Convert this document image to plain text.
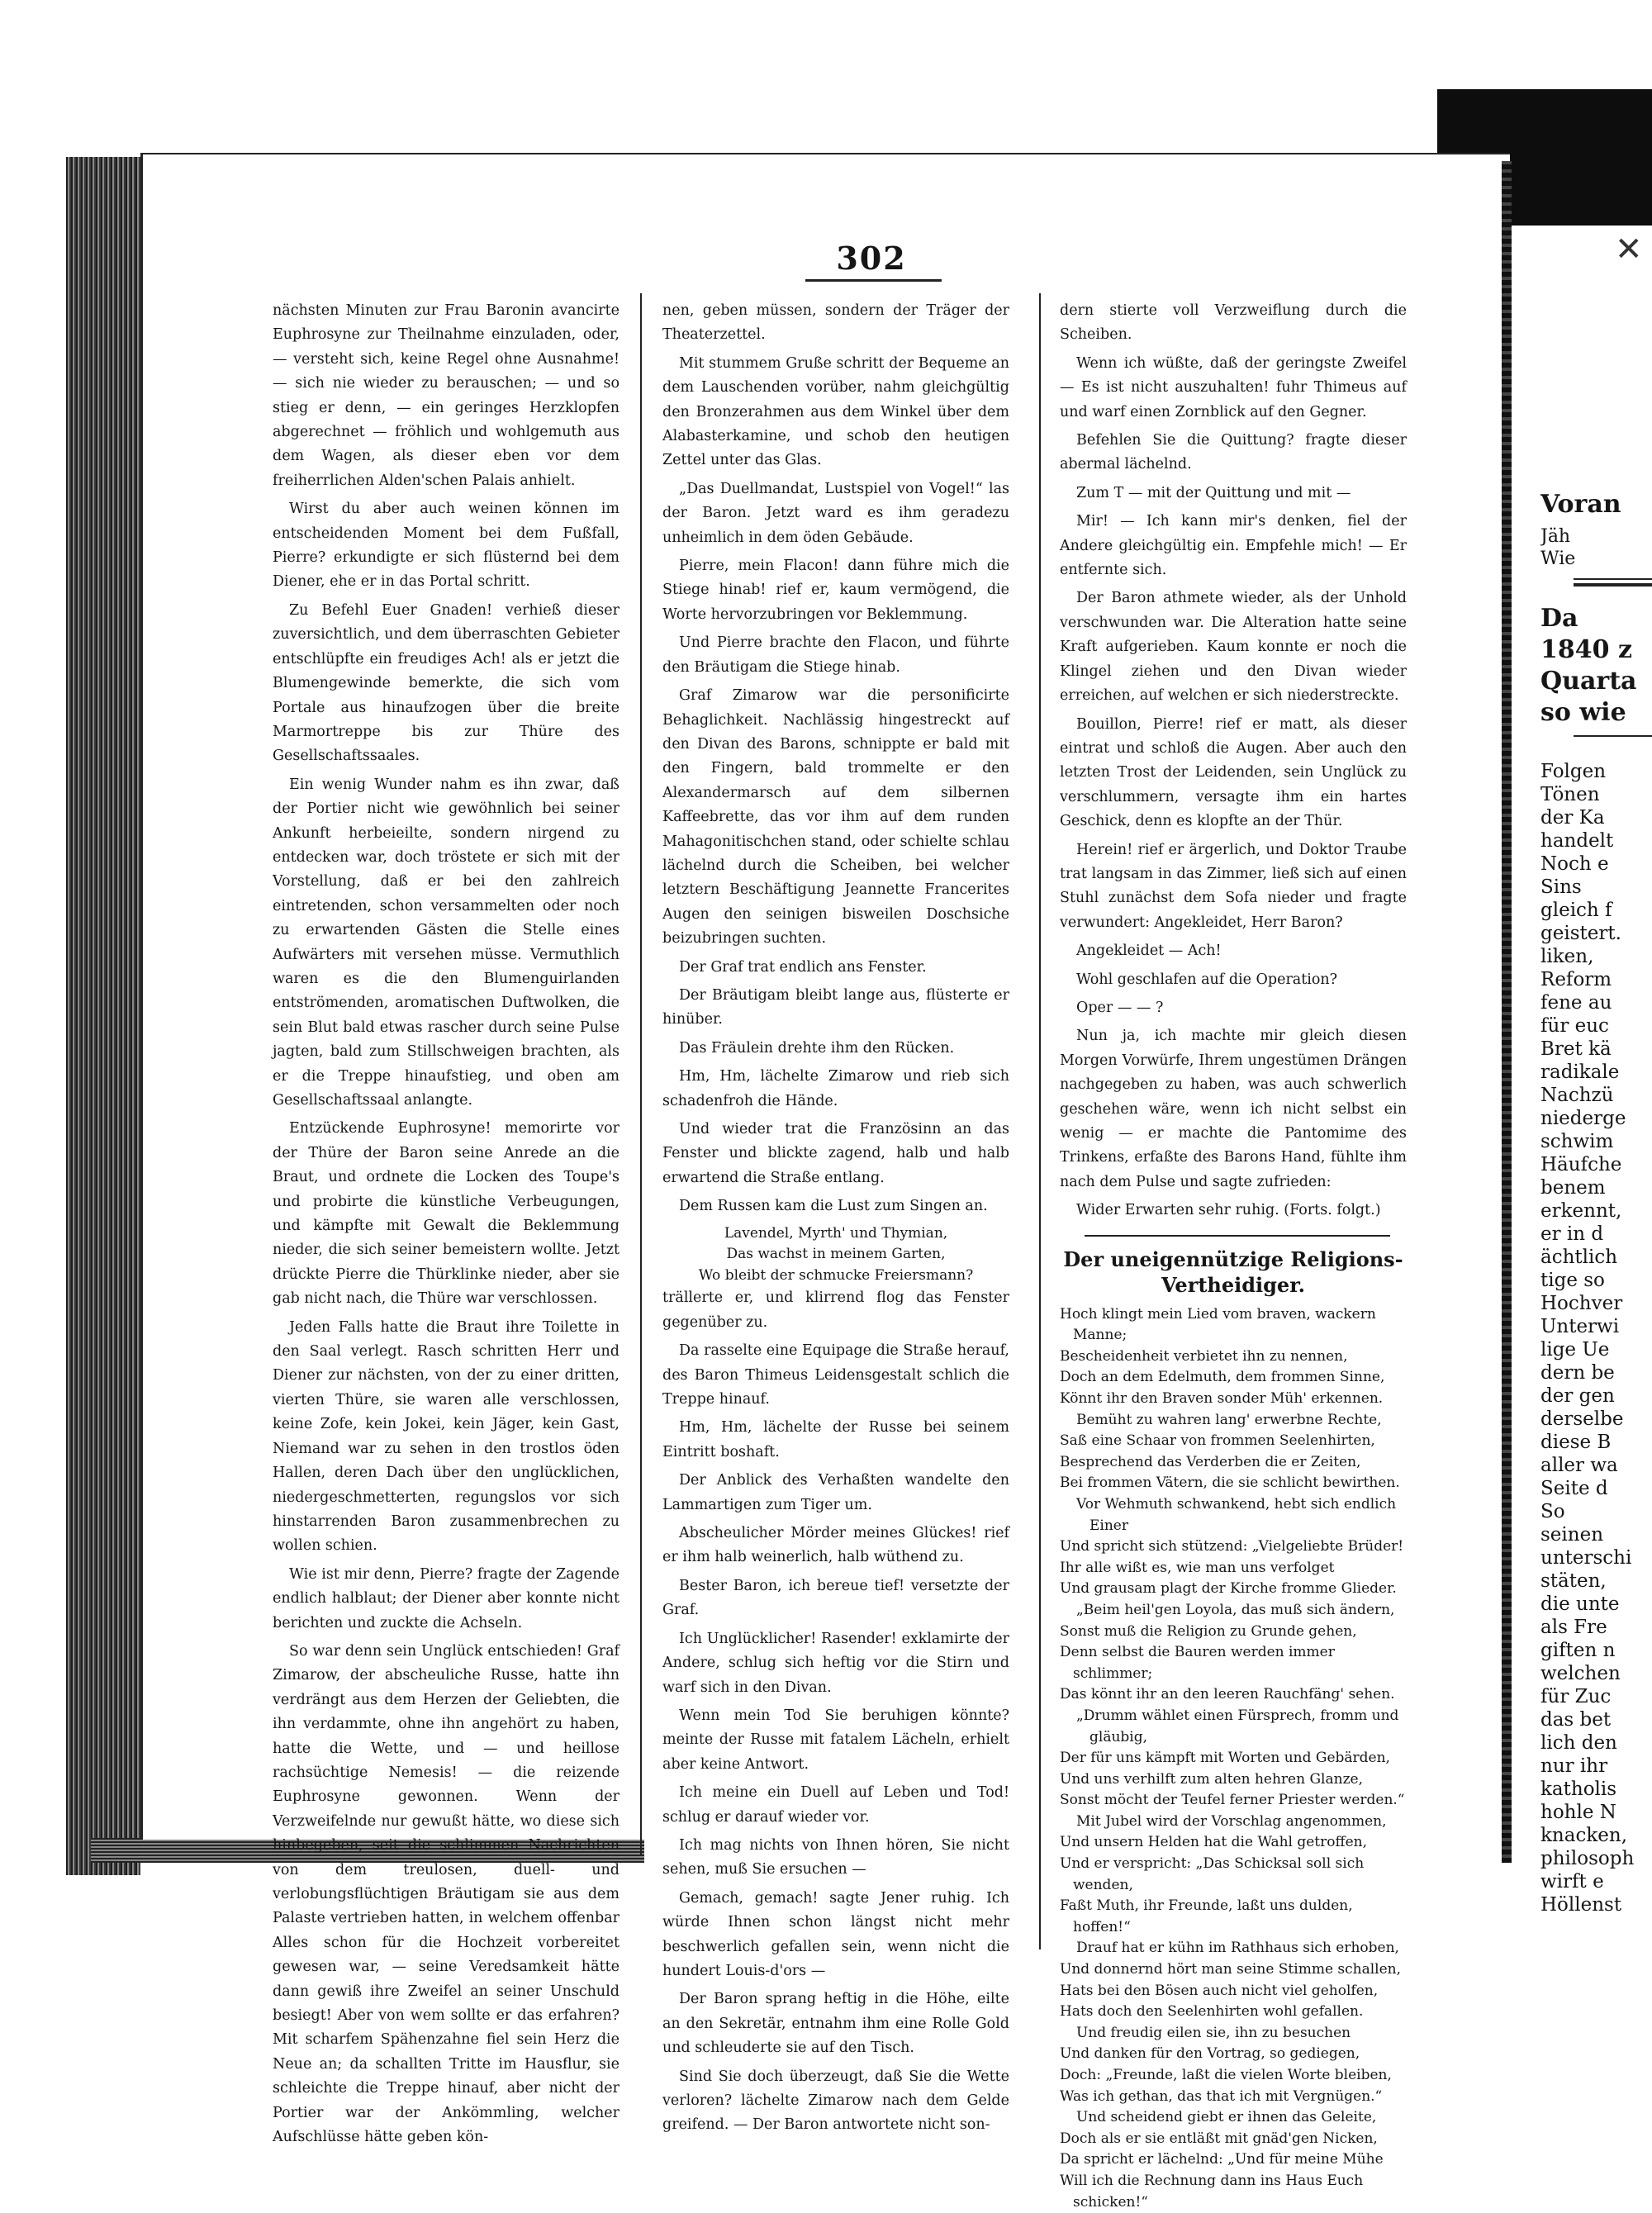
✕
302

nächsten Minuten zur Frau Baronin avancirte Euphrosyne zur Theilnahme einzuladen, oder, — versteht sich, keine Regel ohne Ausnahme! — sich nie wieder zu berauschen; — und so stieg er denn, — ein geringes Herzklopfen abgerechnet — fröhlich und wohlgemuth aus dem Wagen, als dieser eben vor dem freiherrlichen Alden'schen Palais anhielt.

Wirst du aber auch weinen können im entscheidenden Moment bei dem Fußfall, Pierre? erkundigte er sich flüsternd bei dem Diener, ehe er in das Portal schritt.

Zu Befehl Euer Gnaden! verhieß dieser zuversichtlich, und dem überraschten Gebieter entschlüpfte ein freudiges Ach! als er jetzt die Blumengewinde bemerkte, die sich vom Portale aus hinaufzogen über die breite Marmortreppe bis zur Thüre des Gesellschaftssaales.

Ein wenig Wunder nahm es ihn zwar, daß der Portier nicht wie gewöhnlich bei seiner Ankunft herbeieilte, sondern nirgend zu entdecken war, doch tröstete er sich mit der Vorstellung, daß er bei den zahlreich eintretenden, schon versammelten oder noch zu erwartenden Gästen die Stelle eines Aufwärters mit versehen müsse. Vermuthlich waren es die den Blumenguirlanden entströmenden, aromatischen Duftwolken, die sein Blut bald etwas rascher durch seine Pulse jagten, bald zum Stillschweigen brachten, als er die Treppe hinaufstieg, und oben am Gesellschaftssaal anlangte.

Entzückende Euphrosyne! memorirte vor der Thüre der Baron seine Anrede an die Braut, und ordnete die Locken des Toupe's und probirte die künstliche Verbeugungen, und kämpfte mit Gewalt die Beklemmung nieder, die sich seiner bemeistern wollte. Jetzt drückte Pierre die Thürklinke nieder, aber sie gab nicht nach, die Thüre war verschlossen.

Jeden Falls hatte die Braut ihre Toilette in den Saal verlegt. Rasch schritten Herr und Diener zur nächsten, von der zu einer dritten, vierten Thüre, sie waren alle verschlossen, keine Zofe, kein Jokei, kein Jäger, kein Gast, Niemand war zu sehen in den trostlos öden Hallen, deren Dach über den unglücklichen, niedergeschmetterten, regungslos vor sich hinstarrenden Baron zusammenbrechen zu wollen schien.

Wie ist mir denn, Pierre? fragte der Zagende endlich halblaut; der Diener aber konnte nicht berichten und zuckte die Achseln.

So war denn sein Unglück entschieden! Graf Zimarow, der abscheuliche Russe, hatte ihn verdrängt aus dem Herzen der Geliebten, die ihn verdammte, ohne ihn angehört zu haben, hatte die Wette, und — und heillose rachsüchtige Nemesis! — die reizende Euphrosyne gewonnen. Wenn der Verzweifelnde nur gewußt hätte, wo diese sich hinbegeben, seit die schlimmen Nachrichten von dem treulosen, duell- und verlobungsflüchtigen Bräutigam sie aus dem Palaste vertrieben hatten, in welchem offenbar Alles schon für die Hochzeit vorbereitet gewesen war, — seine Veredsamkeit hätte dann gewiß ihre Zweifel an seiner Unschuld besiegt! Aber von wem sollte er das erfahren? Mit scharfem Spähenzahne fiel sein Herz die Neue an; da schallten Tritte im Hausflur, sie schleichte die Treppe hinauf, aber nicht der Portier war der Ankömmling, welcher Aufschlüsse hätte geben kön-

nen, geben müssen, sondern der Träger der Theaterzettel.

Mit stummem Gruße schritt der Bequeme an dem Lauschenden vorüber, nahm gleichgültig den Bronzerahmen aus dem Winkel über dem Alabasterkamine, und schob den heutigen Zettel unter das Glas.

„Das Duellmandat, Lustspiel von Vogel!“ las der Baron. Jetzt ward es ihm geradezu unheimlich in dem öden Gebäude.

Pierre, mein Flacon! dann führe mich die Stiege hinab! rief er, kaum vermögend, die Worte hervorzubringen vor Beklemmung.

Und Pierre brachte den Flacon, und führte den Bräutigam die Stiege hinab.

Graf Zimarow war die personificirte Behaglichkeit. Nachlässig hingestreckt auf den Divan des Barons, schnippte er bald mit den Fingern, bald trommelte er den Alexandermarsch auf dem silbernen Kaffeebrette, das vor ihm auf dem runden Mahagonitischchen stand, oder schielte schlau lächelnd durch die Scheiben, bei welcher letztern Beschäftigung Jeannette Francerites Augen den seinigen bisweilen Doschsiche beizubringen suchten.

Der Graf trat endlich ans Fenster.

Der Bräutigam bleibt lange aus, flüsterte er hinüber.

Das Fräulein drehte ihm den Rücken.

Hm, Hm, lächelte Zimarow und rieb sich schadenfroh die Hände.

Und wieder trat die Französinn an das Fenster und blickte zagend, halb und halb erwartend die Straße entlang.

Dem Russen kam die Lust zum Singen an.

Lavendel, Myrth' und Thymian,

Das wachst in meinem Garten,

Wo bleibt der schmucke Freiersmann?

trällerte er, und klirrend flog das Fenster gegenüber zu.

Da rasselte eine Equipage die Straße herauf, des Baron Thimeus Leidensgestalt schlich die Treppe hinauf.

Hm, Hm, lächelte der Russe bei seinem Eintritt boshaft.

Der Anblick des Verhaßten wandelte den Lammartigen zum Tiger um.

Abscheulicher Mörder meines Glückes! rief er ihm halb weinerlich, halb wüthend zu.

Bester Baron, ich bereue tief! versetzte der Graf.

Ich Unglücklicher! Rasender! exklamirte der Andere, schlug sich heftig vor die Stirn und warf sich in den Divan.

Wenn mein Tod Sie beruhigen könnte? meinte der Russe mit fatalem Lächeln, erhielt aber keine Antwort.

Ich meine ein Duell auf Leben und Tod! schlug er darauf wieder vor.

Ich mag nichts von Ihnen hören, Sie nicht sehen, muß Sie ersuchen —

Gemach, gemach! sagte Jener ruhig. Ich würde Ihnen schon längst nicht mehr beschwerlich gefallen sein, wenn nicht die hundert Louis-d'ors —

Der Baron sprang heftig in die Höhe, eilte an den Sekretär, entnahm ihm eine Rolle Gold und schleuderte sie auf den Tisch.

Sind Sie doch überzeugt, daß Sie die Wette verloren? lächelte Zimarow nach dem Gelde greifend. — Der Baron antwortete nicht son-

dern stierte voll Verzweiflung durch die Scheiben.

Wenn ich wüßte, daß der geringste Zweifel — Es ist nicht auszuhalten! fuhr Thimeus auf und warf einen Zornblick auf den Gegner.

Befehlen Sie die Quittung? fragte dieser abermal lächelnd.

Zum T — mit der Quittung und mit —

Mir! — Ich kann mir's denken, fiel der Andere gleichgültig ein. Empfehle mich! — Er entfernte sich.

Der Baron athmete wieder, als der Unhold verschwunden war. Die Alteration hatte seine Kraft aufgerieben. Kaum konnte er noch die Klingel ziehen und den Divan wieder erreichen, auf welchen er sich niederstreckte.

Bouillon, Pierre! rief er matt, als dieser eintrat und schloß die Augen. Aber auch den letzten Trost der Leidenden, sein Unglück zu verschlummern, versagte ihm ein hartes Geschick, denn es klopfte an der Thür.

Herein! rief er ärgerlich, und Doktor Traube trat langsam in das Zimmer, ließ sich auf einen Stuhl zunächst dem Sofa nieder und fragte verwundert: Angekleidet, Herr Baron?

Angekleidet — Ach!

Wohl geschlafen auf die Operation?

Oper — — ?

Nun ja, ich machte mir gleich diesen Morgen Vorwürfe, Ihrem ungestümen Drängen nachgegeben zu haben, was auch schwerlich geschehen wäre, wenn ich nicht selbst ein wenig — er machte die Pantomime des Trinkens, erfaßte des Barons Hand, fühlte ihm nach dem Pulse und sagte zufrieden:

Wider Erwarten sehr ruhig. (Forts. folgt.)

Der uneigennützige Religions-
Vertheidiger.

Hoch klingt mein Lied vom braven, wackern Manne;

Bescheidenheit verbietet ihn zu nennen,

Doch an dem Edelmuth, dem frommen Sinne,

Könnt ihr den Braven sonder Müh' erkennen.

Bemüht zu wahren lang' erwerbne Rechte,

Saß eine Schaar von frommen Seelenhirten,

Besprechend das Verderben die er Zeiten,

Bei frommen Vätern, die sie schlicht bewirthen.

Vor Wehmuth schwankend, hebt sich endlich Einer

Und spricht sich stützend: „Vielgeliebte Brüder!

Ihr alle wißt es, wie man uns verfolget

Und grausam plagt der Kirche fromme Glieder.

„Beim heil'gen Loyola, das muß sich ändern,

Sonst muß die Religion zu Grunde gehen,

Denn selbst die Bauren werden immer schlimmer;

Das könnt ihr an den leeren Rauchfäng' sehen.

„Drumm wählet einen Fürsprech, fromm und gläubig,

Der für uns kämpft mit Worten und Gebärden,

Und uns verhilft zum alten hehren Glanze,

Sonst möcht der Teufel ferner Priester werden.“

Mit Jubel wird der Vorschlag angenommen,

Und unsern Helden hat die Wahl getroffen,

Und er verspricht: „Das Schicksal soll sich wenden,

Faßt Muth, ihr Freunde, laßt uns dulden, hoffen!“

Drauf hat er kühn im Rathhaus sich erhoben,

Und donnernd hört man seine Stimme schallen,

Hats bei den Bösen auch nicht viel geholfen,

Hats doch den Seelenhirten wohl gefallen.

Und freudig eilen sie, ihn zu besuchen

Und danken für den Vortrag, so gediegen,

Doch: „Freunde, laßt die vielen Worte bleiben,

Was ich gethan, das that ich mit Vergnügen.“

Und scheidend giebt er ihnen das Geleite,

Doch als er sie entläßt mit gnäd'gen Nicken,

Da spricht er lächelnd: „Und für meine Mühe

Will ich die Rechnung dann ins Haus Euch schicken!“

Voran
Jäh
Wie
Da
1840 z
Quarta
so wie
Folgen
Tönen
der Ka
handelt
Noch e
Sins
gleich f
geistert.
liken,
Reform
fene au
für euc
Bret kä
radikale
Nachzü
niederge
schwim
Häufche
benem
erkennt,
er in d
ächtlich
tige so
Hochver
Unterwi
lige Ue
dern be
der gen
derselbe
diese B
aller wa
Seite d
So
seinen
unterschi
stäten,
die unte
als Fre
giften n
welchen
für Zuc
das bet
lich den
nur ihr
katholis
hohle N
knacken,
philosoph
wirft e
Höllenst
